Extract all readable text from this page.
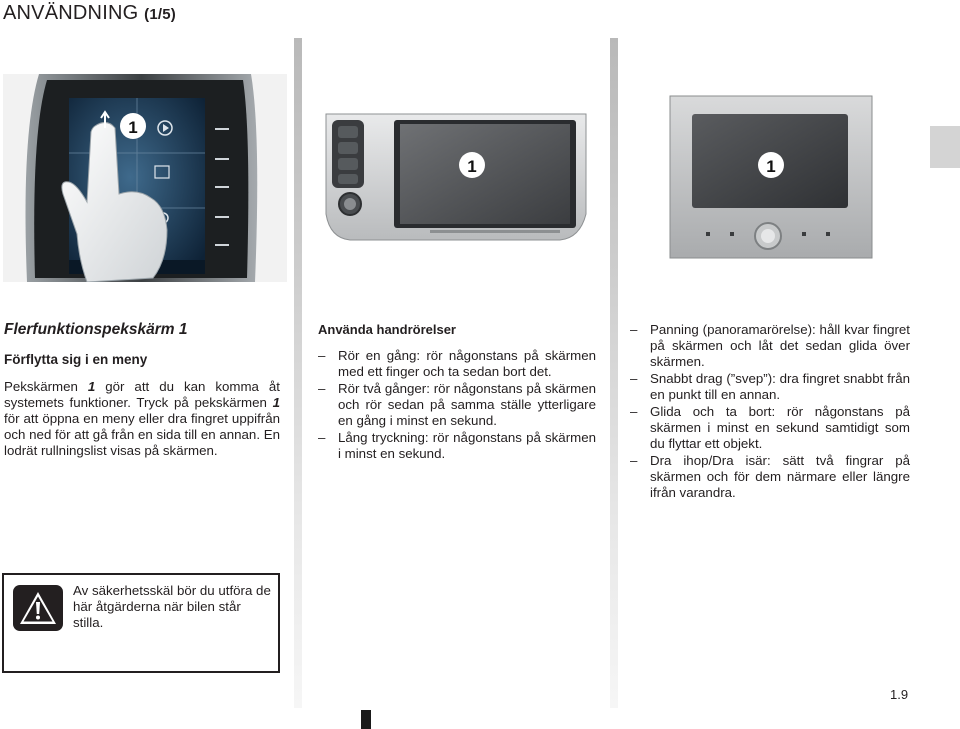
ANVÄNDNING (1/5)
1
1	1
Flerfunktionspekskärm 1
Förflytta sig i en meny

Pekskärmen 1 gör att du kan komma åt systemets funktioner. Tryck på pekskärmen 1 för att öppna en meny eller dra fingret uppifrån och ned för att gå från en sida till en annan. En lodrät rullningslist visas på skärmen.

Använda handrörelser
– Rör en gång: rör någonstans på skärmen med ett finger och ta sedan bort det.
– Rör två gånger: rör någonstans på skärmen och rör sedan på samma ställe ytterligare en gång i minst en sekund.
– Lång tryckning: rör någonstans på skärmen i minst en sekund.
– Panning (panoramarörelse): håll kvar fingret på skärmen och låt det sedan glida över skärmen.
– Snabbt drag (”svep”): dra fingret snabbt från en punkt till en annan.
– Glida och ta bort: rör någonstans på skärmen i minst en sekund samtidigt som du flyttar ett objekt.
– Dra ihop/Dra isär: sätt två fingrar på skärmen och för dem närmare eller längre ifrån varandra.
Av säkerhetsskäl bör du utföra de här åtgärderna när bilen står stilla.
1.9
